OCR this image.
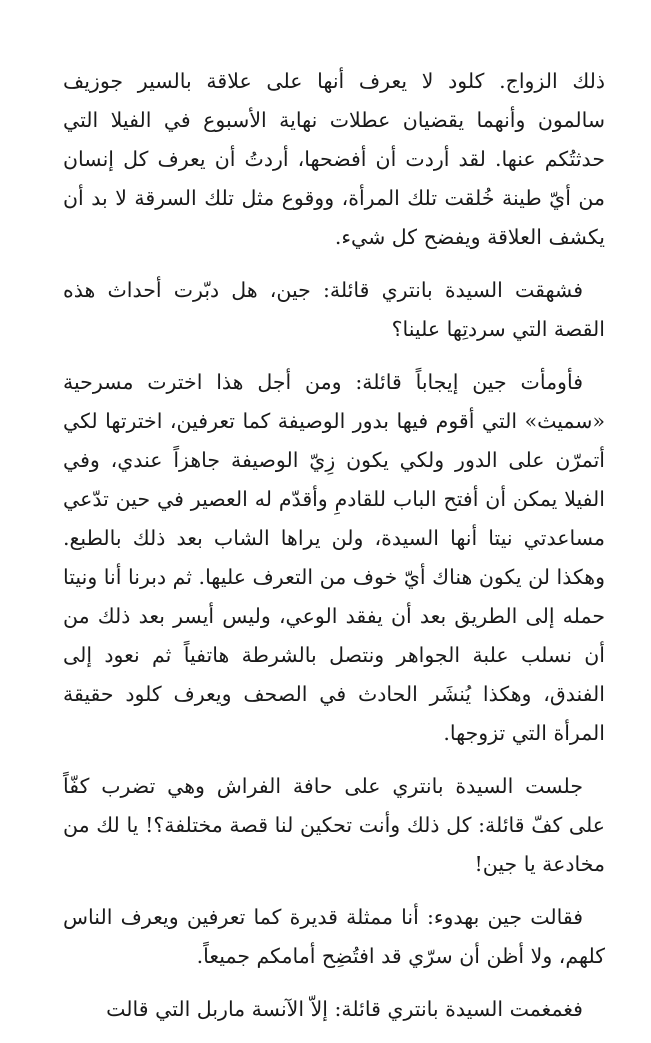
ذلك الزواج. كلود لا يعرف أنها على علاقة بالسير جوزيف سالمون وأنهما يقضيان عطلات نهاية الأسبوع في الفيلا التي حدثتُكم عنها. لقد أردت أن أفضحها، أردتُ أن يعرف كل إنسان من أيّ طينة خُلقت تلك المرأة، ووقوع مثل تلك السرقة لا بد أن يكشف العلاقة ويفضح كل شيء.

فشهقت السيدة بانتري قائلة: جين، هل دبّرت أحداث هذه القصة التي سردتِها علينا؟

فأومأت جين إيجاباً قائلة: ومن أجل هذا اخترت مسرحية «سميث» التي أقوم فيها بدور الوصيفة كما تعرفين، اخترتها لكي أتمرّن على الدور ولكي يكون زِيّ الوصيفة جاهزاً عندي، وفي الفيلا يمكن أن أفتح الباب للقادمِ وأقدّم له العصير في حين تدّعي مساعدتي نيتا أنها السيدة، ولن يراها الشاب بعد ذلك بالطبع. وهكذا لن يكون هناك أيّ خوف من التعرف عليها. ثم دبرنا أنا ونيتا حمله إلى الطريق بعد أن يفقد الوعي، وليس أيسر بعد ذلك من أن نسلب علبة الجواهر ونتصل بالشرطة هاتفياً ثم نعود إلى الفندق، وهكذا يُنشَر الحادث في الصحف ويعرف كلود حقيقة المرأة التي تزوجها.

جلست السيدة بانتري على حافة الفراش وهي تضرب كفّاً على كفّ قائلة: كل ذلك وأنت تحكين لنا قصة مختلفة؟! يا لك من مخادعة يا جين!

فقالت جين بهدوء: أنا ممثلة قديرة كما تعرفين ويعرف الناس كلهم، ولا أظن أن سرّي قد افتُضِح أمامكم جميعاً.

فغمغمت السيدة بانتري قائلة: إلاّ الآنسة ماربل التي قالت
